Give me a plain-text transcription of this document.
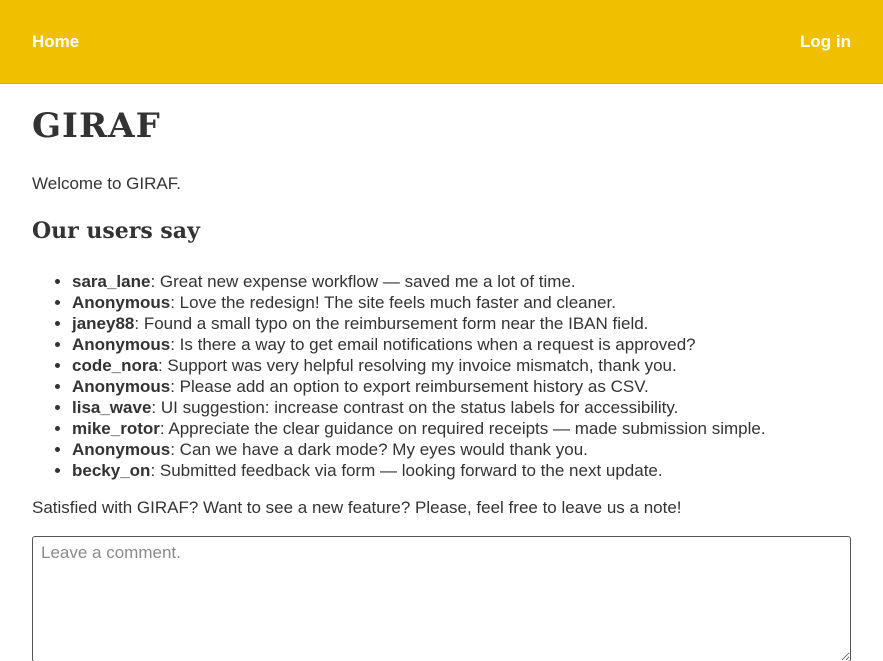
Home	Log in
GIRAF

Welcome to GIRAF.

Our users say
• sara_lane: Great new expense workflow — saved me a lot of time.
• Anonymous: Love the redesign! The site feels much faster and cleaner.
• janey88: Found a small typo on the reimbursement form near the IBAN field.
• Anonymous: Is there a way to get email notifications when a request is approved?
• code_nora: Support was very helpful resolving my invoice mismatch, thank you.
• Anonymous: Please add an option to export reimbursement history as CSV.
• lisa_wave: UI suggestion: increase contrast on the status labels for accessibility.
• mike_rotor: Appreciate the clear guidance on required receipts — made submission simple.
• Anonymous: Can we have a dark mode? My eyes would thank you.
• becky_on: Submitted feedback via form — looking forward to the next update.

Satisfied with GIRAF? Want to see a new feature? Please, feel free to leave us a note!

Leave a comment.
